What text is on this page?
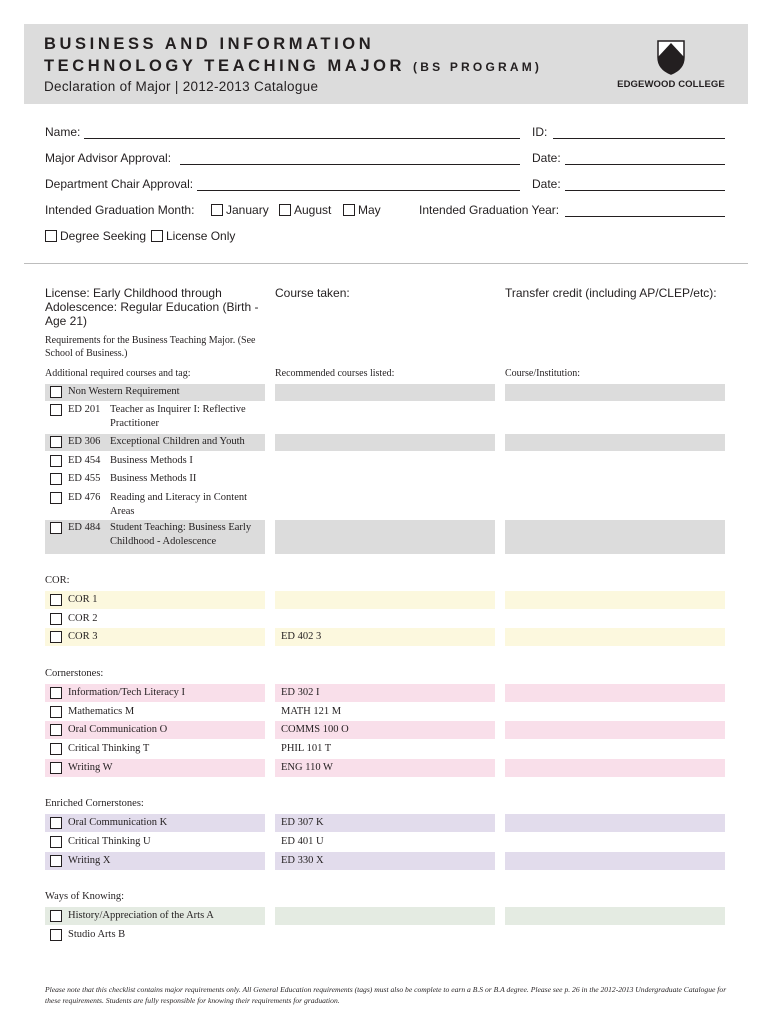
BUSINESS AND INFORMATION
TECHNOLOGY TEACHING MAJOR (BS PROGRAM)
Declaration of Major | 2012-2013 Catalogue	EDGEWOOD COLLEGE
Name:	ID:
Major Advisor Approval:	Date:
Department Chair Approval:	Date:
Intended Graduation Month:	January	August	May	Intended Graduation Year:
Degree Seeking	License Only
License: Early Childhood through Adolescence: Regular Education (Birth - Age 21)
Course taken:	Transfer credit (including AP/CLEP/etc):
Requirements for the Business Teaching Major. (See School of Business.)
Additional required courses and tag:	Recommended courses listed:	Course/Institution:
Non Western Requirement
ED 201 Teacher as Inquirer I: Reflective Practitioner
ED 306 Exceptional Children and Youth
ED 454 Business Methods I
ED 455 Business Methods II
ED 476 Reading and Literacy in Content Areas
ED 484 Student Teaching: Business Early Childhood - Adolescence
COR:
COR 1
COR 2
COR 3	ED 402 3
Cornerstones:
Information/Tech Literacy I	ED 302 I
Mathematics M	MATH 121 M
Oral Communication O	COMMS 100 O
Critical Thinking T	PHIL 101 T
Writing W	ENG 110 W
Enriched Cornerstones:
Oral Communication K	ED 307 K
Critical Thinking U	ED 401 U
Writing X	ED 330 X
Ways of Knowing:
History/Appreciation of the Arts A
Studio Arts B
Please note that this checklist contains major requirements only. All General Education requirements (tags) must also be complete to earn a B.S or B.A degree. Please see p. 26 in the 2012-2013 Undergraduate Catalogue for these requirements. Students are fully responsible for knowing their requirements for graduation.
